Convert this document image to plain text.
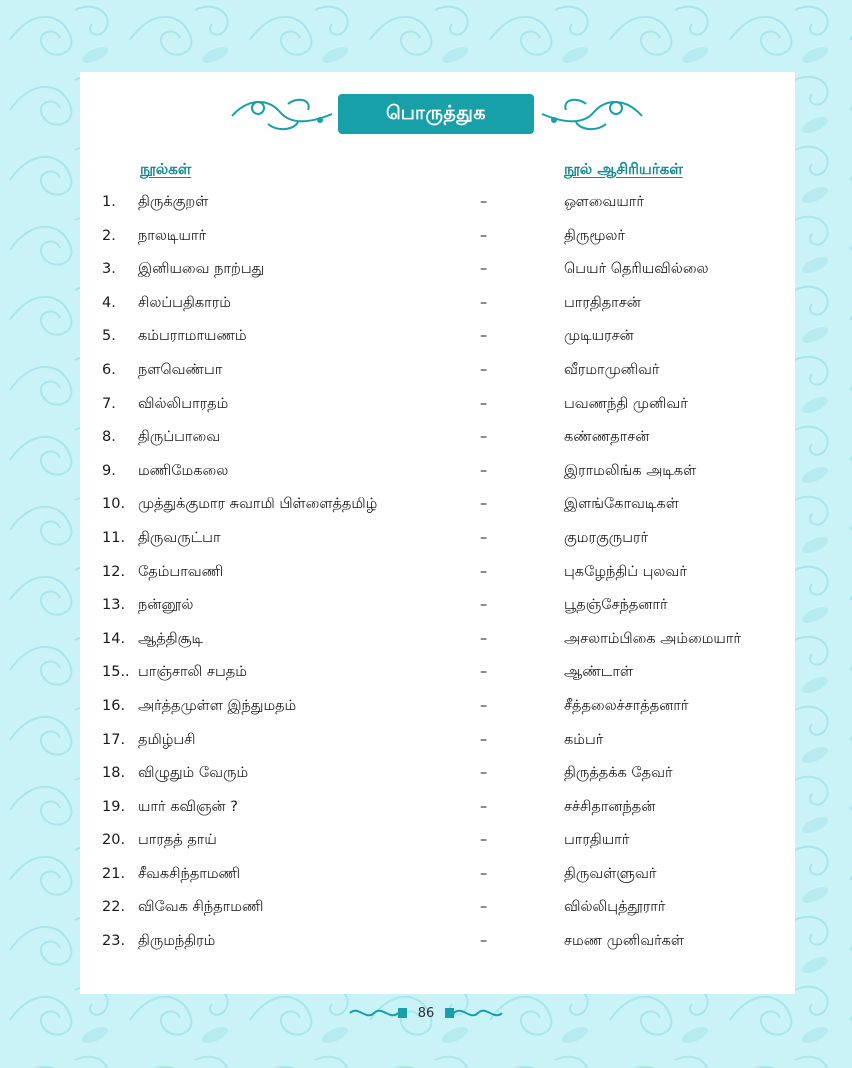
பொருத்துக
நூல்கள்	நூல் ஆசிரியர்கள்
1. திருக்குறள்	–	ஔவையார்
2. நாலடியார்	–	திருமூலர்
3. இனியவை நாற்பது	–	பெயர் தெரியவில்லை
4. சிலப்பதிகாரம்	–	பாரதிதாசன்
5. கம்பராமாயணம்	–	முடியரசன்
6. நளவெண்பா	–	வீரமாமுனிவர்
7. வில்லிபாரதம்	–	பவணந்தி முனிவர்
8. திருப்பாவை	–	கண்ணதாசன்
9. மணிமேகலை	–	இராமலிங்க அடிகள்
10. முத்துக்குமார சுவாமி பிள்ளைத்தமிழ்	–	இளங்கோவடிகள்
11. திருவருட்பா	–	குமரகுருபரர்
12. தேம்பாவணி	–	புகழேந்திப் புலவர்
13. நன்னூல்	–	பூதஞ்சேந்தனார்
14. ஆத்திசூடி	–	அசலாம்பிகை அம்மையார்
15.. பாஞ்சாலி சபதம்	–	ஆண்டாள்
16. அர்த்தமுள்ள இந்துமதம்	–	சீத்தலைச்சாத்தனார்
17. தமிழ்பசி	–	கம்பர்
18. விழுதும் வேரும்	–	திருத்தக்க தேவர்
19. யார் கவிஞன் ?	–	சச்சிதானந்தன்
20. பாரதத் தாய்	–	பாரதியார்
21. சீவகசிந்தாமணி	–	திருவள்ளுவர்
22. விவேக சிந்தாமணி	–	வில்லிபுத்தூரார்
23. திருமந்திரம்	–	சமண முனிவர்கள்
86
